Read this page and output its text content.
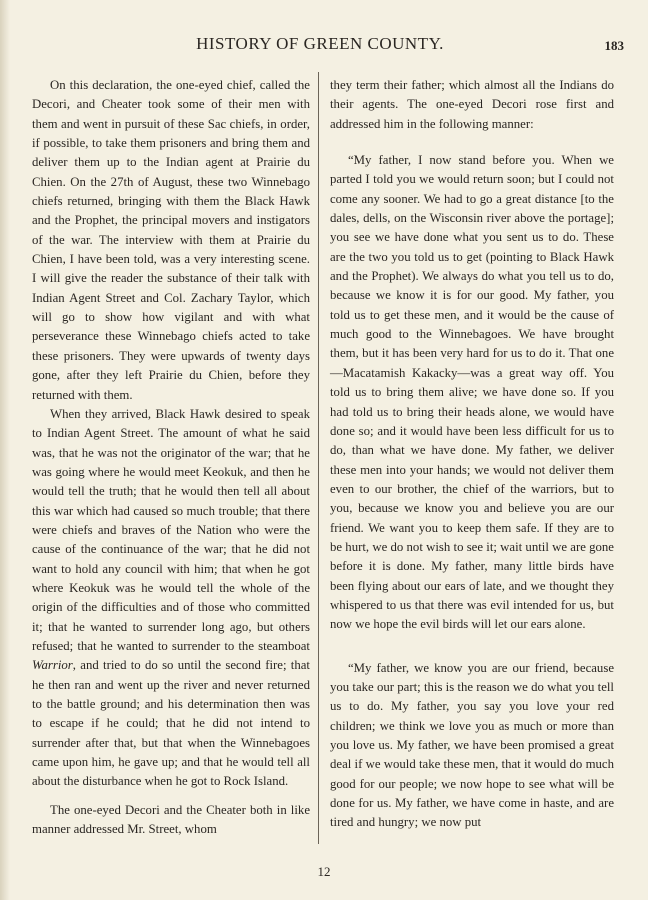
HISTORY OF GREEN COUNTY.	183

On this declaration, the one-eyed chief, called the Decori, and Cheater took some of their men with them and went in pursuit of these Sac chiefs, in order, if possible, to take them prisoners and bring them and deliver them up to the Indian agent at Prairie du Chien. On the 27th of August, these two Winnebago chiefs returned, bringing with them the Black Hawk and the Prophet, the principal movers and instigators of the war. The interview with them at Prairie du Chien, I have been told, was a very interesting scene. I will give the reader the substance of their talk with Indian Agent Street and Col. Zachary Taylor, which will go to show how vigilant and with what perseverance these Winnebago chiefs acted to take these prisoners. They were upwards of twenty days gone, after they left Prairie du Chien, before they returned with them.

When they arrived, Black Hawk desired to speak to Indian Agent Street. The amount of what he said was, that he was not the originator of the war; that he was going where he would meet Keokuk, and then he would tell the truth; that he would then tell all about this war which had caused so much trouble; that there were chiefs and braves of the Nation who were the cause of the continuance of the war; that he did not want to hold any council with him; that when he got where Keokuk was he would tell the whole of the origin of the difficulties and of those who committed it; that he wanted to surrender long ago, but others refused; that he wanted to surrender to the steamboat Warrior, and tried to do so until the second fire; that he then ran and went up the river and never returned to the battle ground; and his determination then was to escape if he could; that he did not intend to surrender after that, but that when the Winnebagoes came upon him, he gave up; and that he would tell all about the disturbance when he got to Rock Island.

The one-eyed Decori and the Cheater both in like manner addressed Mr. Street, whom

they term their father; which almost all the Indians do their agents. The one-eyed Decori rose first and addressed him in the following manner:

“My father, I now stand before you. When we parted I told you we would return soon; but I could not come any sooner. We had to go a great distance [to the dales, dells, on the Wisconsin river above the portage]; you see we have done what you sent us to do. These are the two you told us to get (pointing to Black Hawk and the Prophet). We always do what you tell us to do, because we know it is for our good. My father, you told us to get these men, and it would be the cause of much good to the Winnebagoes. We have brought them, but it has been very hard for us to do it. That one—Macatamish Kakacky—was a great way off. You told us to bring them alive; we have done so. If you had told us to bring their heads alone, we would have done so; and it would have been less difficult for us to do, than what we have done. My father, we deliver these men into your hands; we would not deliver them even to our brother, the chief of the warriors, but to you, because we know you and believe you are our friend. We want you to keep them safe. If they are to be hurt, we do not wish to see it; wait until we are gone before it is done. My father, many little birds have been flying about our ears of late, and we thought they whispered to us that there was evil intended for us, but now we hope the evil birds will let our ears alone.

“My father, we know you are our friend, because you take our part; this is the reason we do what you tell us to do. My father, you say you love your red children; we think we love you as much or more than you love us. My father, we have been promised a great deal if we would take these men, that it would do much good for our people; we now hope to see what will be done for us. My father, we have come in haste, and are tired and hungry; we now put

12
